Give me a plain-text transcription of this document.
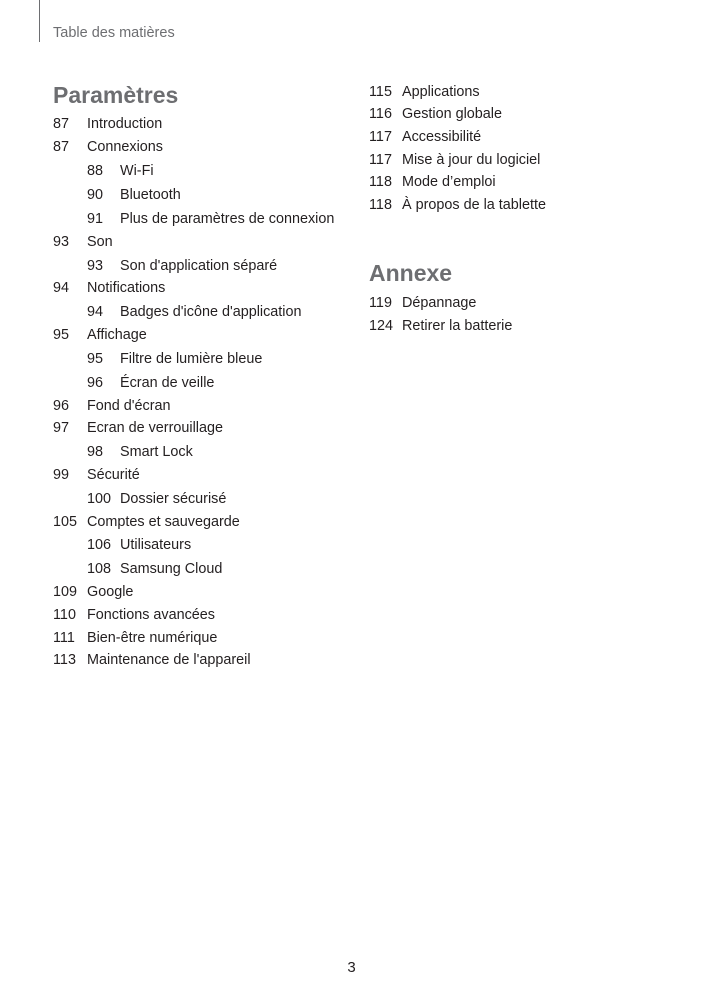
Table des matières
Paramètres
87 Introduction
87 Connexions
88 Wi-Fi
90 Bluetooth
91 Plus de paramètres de connexion
93 Son
93 Son d'application séparé
94 Notifications
94 Badges d'icône d'application
95 Affichage
95 Filtre de lumière bleue
96 Écran de veille
96 Fond d'écran
97 Ecran de verrouillage
98 Smart Lock
99 Sécurité
100 Dossier sécurisé
105 Comptes et sauvegarde
106 Utilisateurs
108 Samsung Cloud
109 Google
110 Fonctions avancées
111 Bien-être numérique
113 Maintenance de l'appareil
115 Applications
116 Gestion globale
117 Accessibilité
117 Mise à jour du logiciel
118 Mode d’emploi
118 À propos de la tablette
Annexe
119 Dépannage
124 Retirer la batterie
3
